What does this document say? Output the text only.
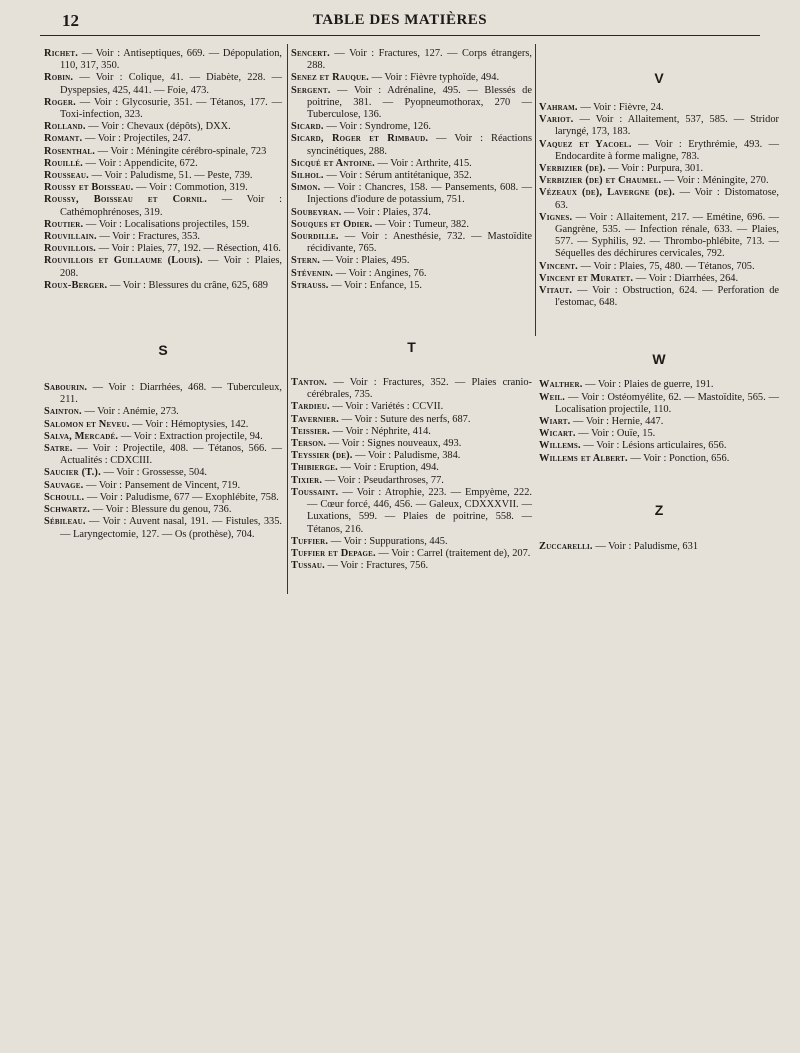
12	TABLE DES MATIÈRES

Richet. — Voir : Antiseptiques, 669. — Dépopulation, 110, 317, 350.

Robin. — Voir : Colique, 41. — Diabète, 228. — Dyspepsies, 425, 441. — Foie, 473.

Roger. — Voir : Glycosurie, 351. — Tétanos, 177. — Toxi-infection, 323.

Rolland. — Voir : Chevaux (dépôts), DXX.

Romant. — Voir : Projectiles, 247.

Rosenthal. — Voir : Méningite cérébro-spinale, 723

Rouillé. — Voir : Appendicite, 672.

Rousseau. — Voir : Paludisme, 51. — Peste, 739.

Roussy et Boisseau. — Voir : Commotion, 319.

Roussy, Boisseau et Cornil. — Voir : Cathémophrénoses, 319.

Routier. — Voir : Localisations projectiles, 159.

Rouvillain. — Voir : Fractures, 353.

Rouvillois. — Voir : Plaies, 77, 192. — Résection, 416.

Rouvillois et Guillaume (Louis). — Voir : Plaies, 208.

Roux-Berger. — Voir : Blessures du crâne, 625, 689

S

Sabourin. — Voir : Diarrhées, 468. — Tuberculeux, 211.

Sainton. — Voir : Anémie, 273.

Salomon et Neveu. — Voir : Hémoptysies, 142.

Salva, Mercadé. — Voir : Extraction projectile, 94.

Satre. — Voir : Projectile, 408. — Tétanos, 566. — Actualités : CDXCIII.

Saucier (T.). — Voir : Grossesse, 504.

Sauvage. — Voir : Pansement de Vincent, 719.

Schoull. — Voir : Paludisme, 677 — Exophlébite, 758.

Schwartz. — Voir : Blessure du genou, 736.

Sébileau. — Voir : Auvent nasal, 191. — Fistules, 335. — Laryngectomie, 127. — Os (prothèse), 704.

Sencert. — Voir : Fractures, 127. — Corps étrangers, 288.

Senez et Rauque. — Voir : Fièvre typhoïde, 494.

Sergent. — Voir : Adrénaline, 495. — Blessés de poitrine, 381. — Pyopneumothorax, 270 — Tuberculose, 136.

Sicard. — Voir : Syndrome, 126.

Sicard, Roger et Rimbaud. — Voir : Réactions syncinétiques, 288.

Sicqué et Antoine. — Voir : Arthrite, 415.

Silhol. — Voir : Sérum antitétanique, 352.

Simon. — Voir : Chancres, 158. — Pansements, 608. — Injections d'iodure de potassium, 751.

Soubeyran. — Voir : Plaies, 374.

Souques et Odier. — Voir : Tumeur, 382.

Sourdille. — Voir : Anesthésie, 732. — Mastoïdite récidivante, 765.

Stern. — Voir : Plaies, 495.

Stévenin. — Voir : Angines, 76.

Strauss. — Voir : Enfance, 15.

T

Tanton. — Voir : Fractures, 352. — Plaies cranio-cérébrales, 735.

Tardieu. — Voir : Variétés : CCVII.

Tavernier. — Voir : Suture des nerfs, 687.

Teissier. — Voir : Néphrite, 414.

Terson. — Voir : Signes nouveaux, 493.

Teyssier (de). — Voir : Paludisme, 384.

Thibierge. — Voir : Eruption, 494.

Tixier. — Voir : Pseudarthroses, 77.

Toussaint. — Voir : Atrophie, 223. — Empyème, 222. — Cœur forcé, 446, 456. — Galeux, CDXXXVII. — Luxations, 599. — Plaies de poitrine, 558. — Tétanos, 216.

Tuffier. — Voir : Suppurations, 445.

Tuffier et Depage. — Voir : Carrel (traitement de), 207.

Tussau. — Voir : Fractures, 756.

V

Vahram. — Voir : Fièvre, 24.

Variot. — Voir : Allaitement, 537, 585. — Stridor laryngé, 173, 183.

Vaquez et Yacoel. — Voir : Erythrémie, 493. — Endocardite à forme maligne, 783.

Verbizier (de). — Voir : Purpura, 301.

Verbizier (de) et Chaumel. — Voir : Méningite, 270.

Vézeaux (de), Lavergne (de). — Voir : Distomatose, 63.

Vignes. — Voir : Allaitement, 217. — Emétine, 696. — Gangrène, 535. — Infection rénale, 633. — Plaies, 577. — Syphilis, 92. — Thrombo-phlébite, 713. — Séquelles des déchirures cervicales, 792.

Vincent. — Voir : Plaies, 75, 480. — Tétanos, 705.

Vincent et Muratet. — Voir : Diarrhées, 264.

Vitaut. — Voir : Obstruction, 624. — Perforation de l'estomac, 648.

W

Walther. — Voir : Plaies de guerre, 191.

Weil. — Voir : Ostéomyélite, 62. — Mastoïdite, 565. — Localisation projectile, 110.

Wiart. — Voir : Hernie, 447.

Wicart. — Voir : Ouïe, 15.

Willems. — Voir : Lésions articulaires, 656.

Willems et Albert. — Voir : Ponction, 656.

Z

Zuccarelli. — Voir : Paludisme, 631
